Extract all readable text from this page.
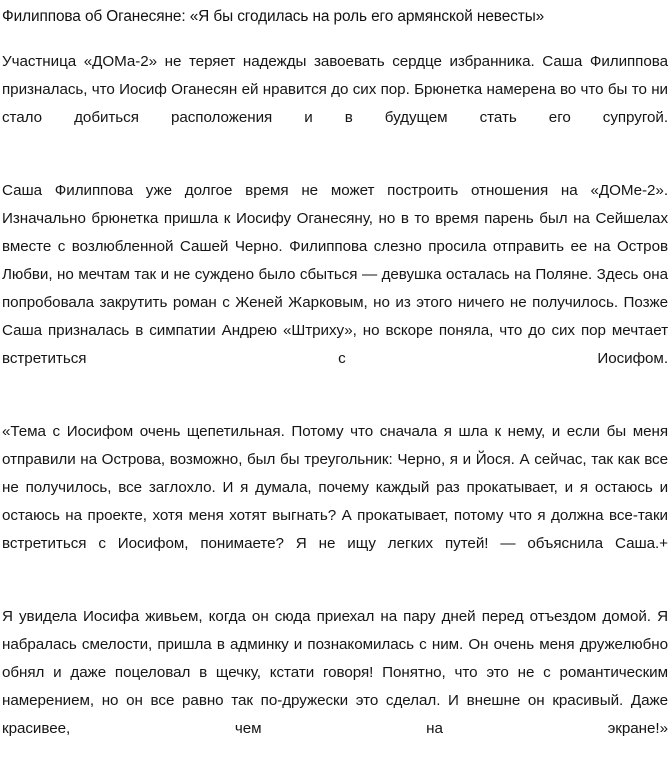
Филиппова об Оганесяне: «Я бы сгодилась на роль его армянской невесты»

Участница «ДОМа-2» не теряет надежды завоевать сердце избранника. Саша Филиппова призналась, что Иосиф Оганесян ей нравится до сих пор. Брюнетка намерена во что бы то ни стало добиться расположения и в будущем стать его супругой.

Саша Филиппова уже долгое время не может построить отношения на «ДОМе-2». Изначально брюнетка пришла к Иосифу Оганесяну, но в то время парень был на Сейшелах вместе с возлюбленной Сашей Черно. Филиппова слезно просила отправить ее на Остров Любви, но мечтам так и не суждено было сбыться — девушка осталась на Поляне. Здесь она попробовала закрутить роман с Женей Жарковым, но из этого ничего не получилось. Позже Саша призналась в симпатии Андрею «Штриху», но вскоре поняла, что до сих пор мечтает встретиться с Иосифом.

«Тема с Иосифом очень щепетильная. Потому что сначала я шла к нему, и если бы меня отправили на Острова, возможно, был бы треугольник: Черно, я и Йося. А сейчас, так как все не получилось, все заглохло. И я думала, почему каждый раз прокатывает, и я остаюсь и остаюсь на проекте, хотя меня хотят выгнать? А прокатывает, потому что я должна все-таки встретиться с Иосифом, понимаете? Я не ищу легких путей! — объяснила Саша.+

Я увидела Иосифа живьем, когда он сюда приехал на пару дней перед отъездом домой. Я набралась смелости, пришла в админку и познакомилась с ним. Он очень меня дружелюбно обнял и даже поцеловал в щечку, кстати говоря! Понятно, что это не с романтическим намерением, но он все равно так по-дружески это сделал. И внешне он красивый. Даже красивее, чем на экране!»
